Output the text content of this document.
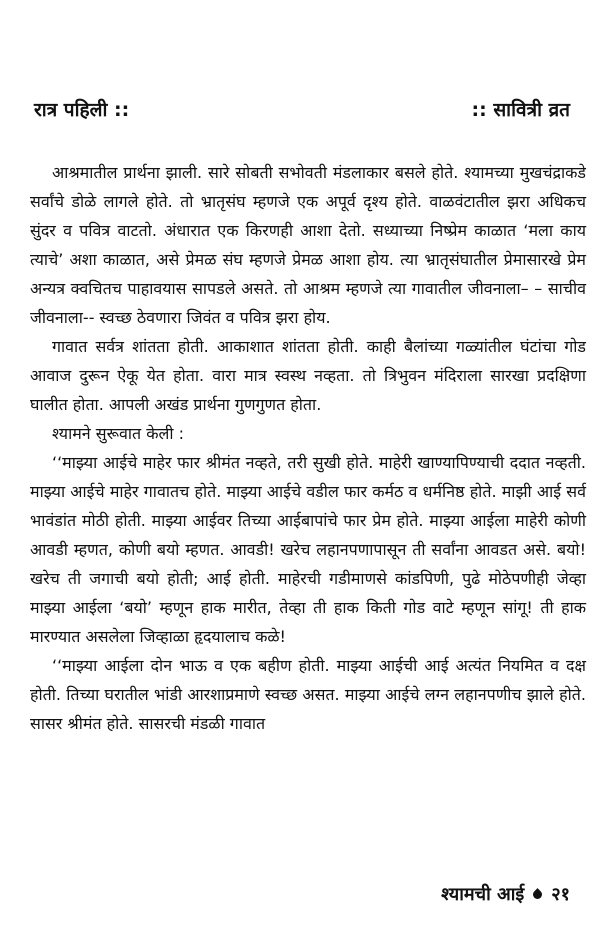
रात्र पहिली ::	:: सावित्री व्रत

आश्रमातील प्रार्थना झाली. सारे सोबती सभोवती मंडलाकार बसले होते. श्यामच्या मुखचंद्राकडे सर्वांचे डोळे लागले होते. तो भ्रातृसंघ म्हणजे एक अपूर्व दृश्य होते. वाळवंटातील झरा अधिकच सुंदर व पवित्र वाटतो. अंधारात एक किरणही आशा देतो. सध्याच्या निष्प्रेम काळात ‘मला काय त्याचे’ अशा काळात, असे प्रेमळ संघ म्हणजे प्रेमळ आशा होय. त्या भ्रातृसंघातील प्रेमासारखे प्रेम अन्यत्र क्वचितच पाहावयास सापडले असते. तो आश्रम म्हणजे त्या गावातील जीवनाला– – साचीव जीवनाला-- स्वच्छ ठेवणारा जिवंत व पवित्र झरा होय.

गावात सर्वत्र शांतता होती. आकाशात शांतता होती. काही बैलांच्या गळ्यांतील घंटांचा गोड आवाज दुरून ऐकू येत होता. वारा मात्र स्वस्थ नव्हता. तो त्रिभुवन मंदिराला सारखा प्रदक्षिणा घालीत होता. आपली अखंड प्रार्थना गुणगुणत होता.

श्यामने सुरूवात केली :

‘‘माझ्या आईचे माहेर फार श्रीमंत नव्हते, तरी सुखी होते. माहेरी खाण्यापिण्याची ददात नव्हती. माझ्या आईचे माहेर गावातच होते. माझ्या आईचे वडील फार कर्मठ व धर्मनिष्ठ होते. माझी आई सर्व भावंडांत मोठी होती. माझ्या आईवर तिच्या आईबापांचे फार प्रेम होते. माझ्या आईला माहेरी कोणी आवडी म्हणत, कोणी बयो म्हणत. आवडी! खरेच लहानपणापासून ती सर्वांना आवडत असे. बयो! खरेच ती जगाची बयो होती; आई होती. माहेरची गडीमाणसे कांडपिणी, पुढे मोठेपणीही जेव्हा माझ्या आईला ‘बयो’ म्हणून हाक मारीत, तेव्हा ती हाक किती गोड वाटे म्हणून सांगू! ती हाक मारण्यात असलेला जिव्हाळा हृदयालाच कळे!

‘‘माझ्या आईला दोन भाऊ व एक बहीण होती. माझ्या आईची आई अत्यंत नियमित व दक्ष होती. तिच्या घरातील भांडी आरशाप्रमाणे स्वच्छ असत. माझ्या आईचे लग्न लहानपणीच झाले होते. सासर श्रीमंत होते. सासरची मंडळी गावात

श्यामची आई २१
